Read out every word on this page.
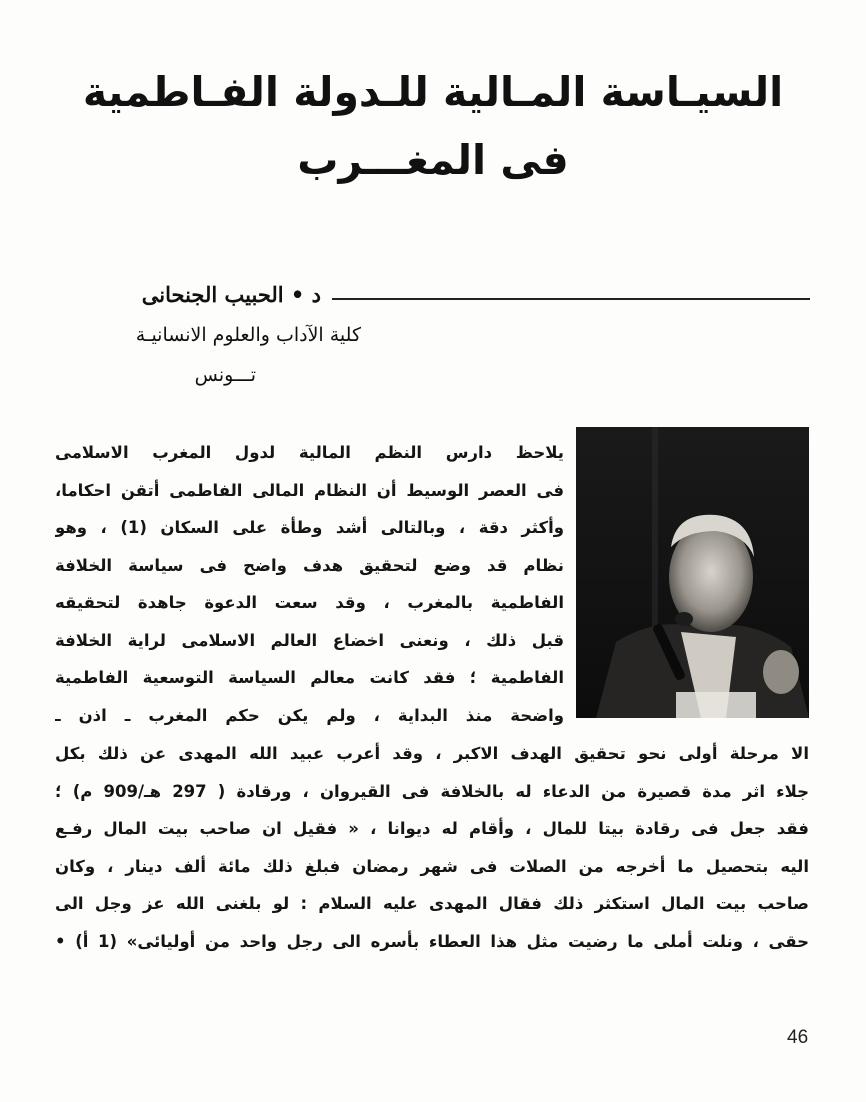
السيـاسة المـالية للـدولة الفـاطمية
فى المغـــرب
د • الحبيب الجنحانى
كلية الآداب والعلوم الانسانيـة
تـــونس
يلاحظ دارس النظم المالية لدول المغرب الاسلامى
فى العصر الوسيط أن النظام المالى الفاطمى أتقن احكاما،
وأكثر دقة ، وبالتالى أشد وطأة على السكان (1) ، وهو
نظام قد وضع لتحقيق هدف واضح فى سياسة الخلافة
الفاطمية بالمغرب ، وقد سعت الدعوة جاهدة لتحقيقه
قبل ذلك ، ونعنى اخضاع العالم الاسلامى لراية الخلافة
الفاطمية ؛ فقد كانت معالم السياسة التوسعية الفاطمية
واضحة منذ البداية ، ولم يكن حكم المغرب ـ اذن ـ
الا مرحلة أولى نحو تحقيق الهدف الاكبر ، وقد أعرب عبيد الله المهدى عن ذلك بكل
جلاء اثر مدة قصيرة من الدعاء له بالخلافة فى القيروان ، ورقادة ( 297 هـ/909 م) ؛
فقد جعل فى رقادة بيتا للمال ، وأقام له ديوانا ، « فقيل ان صاحب بيت المال رفـع
اليه بتحصيل ما أخرجه من الصلات فى شهر رمضان فبلغ ذلك مائة ألف دينار ، وكان
صاحب بيت المال استكثر ذلك فقال المهدى عليه السلام : لو بلغنى الله عز وجل الى
حقى ، ونلت أملى ما رضيت مثل هذا العطاء بأسره الى رجل واحد من أوليائى» (1 أ) •
46
